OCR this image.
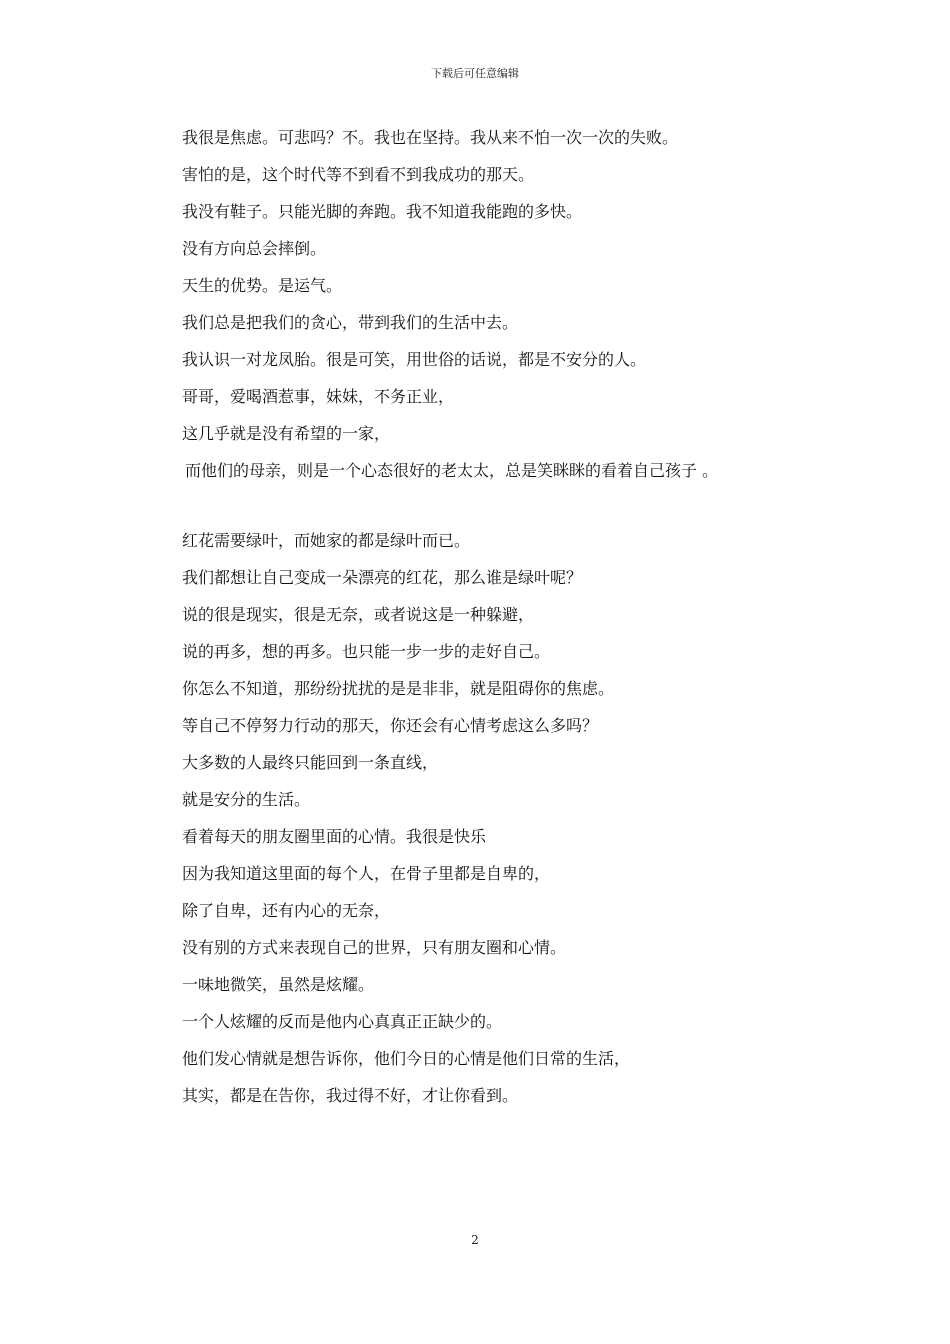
下载后可任意编辑
我很是焦虑。可悲吗？不。我也在坚持。我从来不怕一次一次的失败。
害怕的是，这个时代等不到看不到我成功的那天。
我没有鞋子。只能光脚的奔跑。我不知道我能跑的多快。
没有方向总会摔倒。
天生的优势。是运气。
我们总是把我们的贪心，带到我们的生活中去。
我认识一对龙凤胎。很是可笑，用世俗的话说，都是不安分的人。
哥哥，爱喝酒惹事，妹妹，不务正业，
这几乎就是没有希望的一家，
而他们的母亲，则是一个心态很好的老太太，总是笑眯眯的看着自己孩子 。
红花需要绿叶，而她家的都是绿叶而已。
我们都想让自己变成一朵漂亮的红花，那么谁是绿叶呢？
说的很是现实，很是无奈，或者说这是一种躲避，
说的再多，想的再多。也只能一步一步的走好自己。
你怎么不知道，那纷纷扰扰的是是非非，就是阻碍你的焦虑。
等自己不停努力行动的那天，你还会有心情考虑这么多吗？
大多数的人最终只能回到一条直线，
就是安分的生活。
看着每天的朋友圈里面的心情。我很是快乐
因为我知道这里面的每个人，在骨子里都是自卑的，
除了自卑，还有内心的无奈，
没有别的方式来表现自己的世界，只有朋友圈和心情。
一味地微笑，虽然是炫耀。
一个人炫耀的反而是他内心真真正正缺少的。
他们发心情就是想告诉你，他们今日的心情是他们日常的生活，
其实，都是在告你，我过得不好，才让你看到。
2
